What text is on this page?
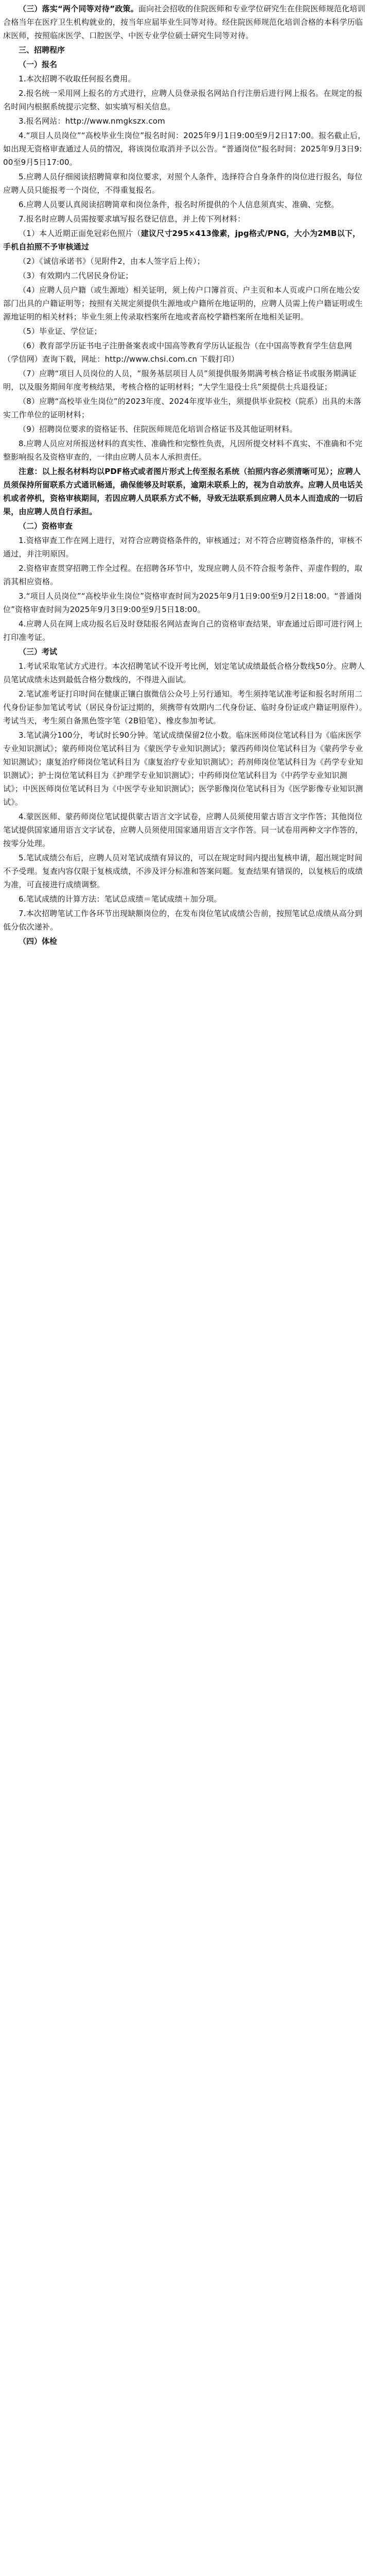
（三）落实“两个同等对待”政策。面向社会招收的住院医师和专业学位研究生在住院医师规范化培训合格当年在医疗卫生机构就业的，按当年应届毕业生同等对待。经住院医师规范化培训合格的本科学历临床医师，按照临床医学、口腔医学、中医专业学位硕士研究生同等对待。

三、招聘程序

（一）报名

1.本次招聘不收取任何报名费用。

2.报名统一采用网上报名的方式进行，应聘人员登录报名网站自行注册后进行网上报名。在规定的报名时间内根据系统提示完整、如实填写相关信息。

3.报名网站：http://www.nmgkszx.com

4.“项目人员岗位”“高校毕业生岗位”报名时间：2025年9月1日9:00至9月2日17:00。报名截止后，如出现无资格审查通过人员的情况，将该岗位取消并予以公告。“普通岗位”报名时间：2025年9月3日9:00至9月5日17:00。

5.应聘人员仔细阅读招聘简章和岗位要求，对照个人条件，选择符合自身条件的岗位进行报名，每位应聘人员只能报考一个岗位，不得重复报名。

6.应聘人员要认真阅读招聘简章和岗位条件，报名时所提供的个人信息须真实、准确、完整。

7.报名时应聘人员需按要求填写报名登记信息，并上传下列材料：

（1）本人近期正面免冠彩色照片（建议尺寸295×413像素，jpg格式/PNG，大小为2MB以下，手机自拍照不予审核通过

（2）《诚信承诺书》（见附件2，由本人签字后上传）；

（3）有效期内二代居民身份证；

（4）应聘人员户籍（或生源地）相关证明，须上传户口簿首页、户主页和本人页或户口所在地公安部门出具的户籍证明等；按照有关规定须提供生源地或户籍所在地证明的，应聘人员需上传户籍证明或生源地证明的相关材料；毕业生须上传录取档案所在地或者高校学籍档案所在地相关证明。

（5）毕业证、学位证；

（6）教育部学历证书电子注册备案表或中国高等教育学历认证报告（在中国高等教育学生信息网（学信网）查询下载，网址：http://www.chsi.com.cn 下载打印）

（7）应聘“项目人员岗位的人员，“服务基层项目人员”须提供服务期满考核合格证书或服务期满证明，以及服务期间年度考核结果，考核合格的证明材料；“大学生退役士兵”须提供士兵退役证；

（8）应聘“高校毕业生岗位”的2023年度、2024年度毕业生，须提供毕业院校（院系）出具的未落实工作单位的证明材料；

（9）招聘岗位要求的资格证书、住院医师规范化培训合格证书及其他证明材料。

8.应聘人员应对所报送材料的真实性、准确性和完整性负责，凡因所提交材料不真实、不准确和不完整影响报名及资格审查的，一律由应聘人员本人承担责任。

注意：以上报名材料均以PDF格式或者图片形式上传至报名系统（拍照内容必须清晰可见）；应聘人员须保持所留联系方式通讯畅通，确保能够及时联系，逾期未联系上的，视为自动放弃。应聘人员电话关机或者停机，资格审核期间，若因应聘人员联系方式不畅，导致无法联系到应聘人员本人而造成的一切后果，由应聘人员自行承担。

（二）资格审查

1.资格审查工作在网上进行，对符合应聘资格条件的，审核通过；对不符合应聘资格条件的，审核不通过，并注明原因。

2.资格审查贯穿招聘工作全过程。在招聘各环节中，发现应聘人员不符合报考条件、弄虚作假的，取消其相应资格。

3.“项目人员岗位”“高校毕业生岗位”资格审查时间为2025年9月1日9:00至9月2日18:00。“普通岗位”资格审查时间为2025年9月3日9:00至9月5日18:00。

4.应聘人员在网上成功报名后及时登陆报名网站查询自己的资格审查结果，审查通过后即可进行网上打印准考证。

（三）考试

1.考试采取笔试方式进行。本次招聘笔试不设开考比例，划定笔试成绩最低合格分数线50分。应聘人员笔试成绩未达到最低合格分数线的，不得进入面试。

2.笔试准考证打印时间在健康正镶白旗微信公众号上另行通知。考生须持笔试准考证和报名时所用二代身份证参加笔试考试（居民身份证过期的，须携带有效期内二代身份证、临时身份证或户籍证明原件）。考试当天，考生须自备黑色签字笔（2B铅笔）、橡皮参加考试。

3.笔试满分100分，考试时长90分钟。笔试成绩保留2位小数。临床医师岗位笔试科目为《临床医学专业知识测试》；蒙药师岗位笔试科目为《蒙医学专业知识测试》；蒙西药师岗位笔试科目为《蒙药学专业知识测试》；康复治疗师岗位笔试科目为《康复治疗专业知识测试》；药剂师岗位笔试科目为《药学专业知识测试》；护士岗位笔试科目为《护理学专业知识测试》；中药师岗位笔试科目为《中药学专业知识测试》；中医医师岗位笔试科目为《中医学专业知识测试》；医学影像岗位笔试科目为《医学影像专业知识测试》。

4.蒙医医师、蒙药师岗位笔试提供蒙古语言文字试卷，应聘人员须使用蒙古语言文字作答；其他岗位笔试提供国家通用语言文字试卷，应聘人员须使用国家通用语言文字作答。同一试卷用两种文字作答的，按零分处理。

5.笔试成绩公布后，应聘人员对笔试成绩有异议的，可以在规定时间内提出复核申请，超出规定时间不予受理。复查内容仅限于复核成绩，不涉及评分标准和答案问题。复查结果有错误的，以复核后的成绩为准，可直接进行成绩调整。

6.笔试成绩的计算方法：笔试总成绩＝笔试成绩＋加分项。

7.本次招聘笔试工作各环节出现缺额岗位的，在发布岗位笔试成绩公告前，按照笔试总成绩从高分到低分依次递补。

（四）体检
